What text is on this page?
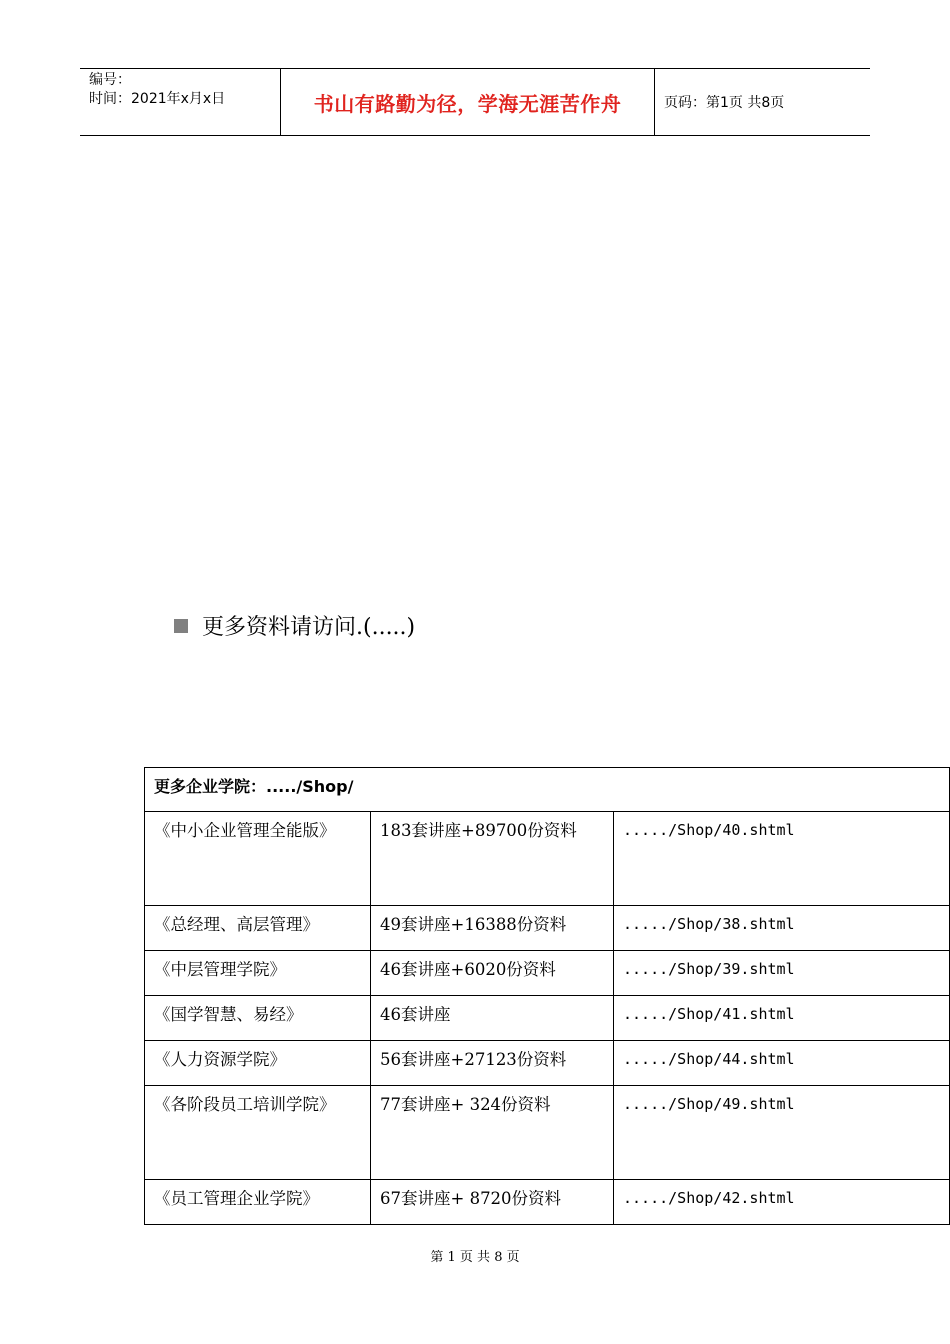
编号：
时间：2021年x月x日	书山有路勤为径，学海无涯苦作舟	页码：第1页 共8页
更多资料请访问.(.....)
更多企业学院：...../Shop/		

《中小企业管理全能版》	183套讲座+89700份资料	...../Shop/40.shtml

《总经理、高层管理》	49套讲座+16388份资料	...../Shop/38.shtml

《中层管理学院》	46套讲座+6020份资料	...../Shop/39.shtml

《国学智慧、易经》	46套讲座	...../Shop/41.shtml

《人力资源学院》	56套讲座+27123份资料	...../Shop/44.shtml

《各阶段员工培训学院》	77套讲座+ 324份资料	...../Shop/49.shtml

《员工管理企业学院》	67套讲座+ 8720份资料	...../Shop/42.shtml
第 1 页 共 8 页
